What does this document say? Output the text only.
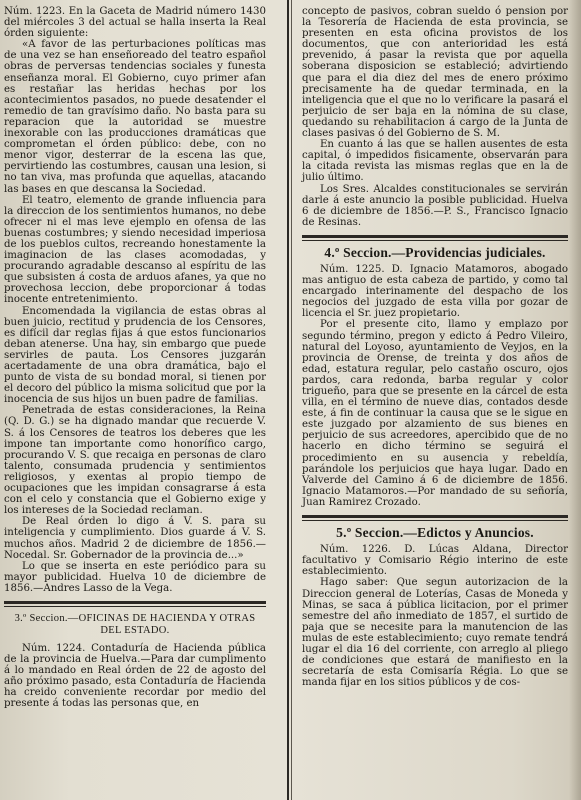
Núm. 1223. En la Gaceta de Madrid número 1430 del miércoles 3 del actual se halla inserta la Real órden siguiente:

«A favor de las perturbaciones políticas mas de una vez se han enseñoreado del teatro español obras de perversas tendencias sociales y funesta enseñanza moral. El Gobierno, cuyo primer afan es restañar las heridas hechas por los acontecimientos pasados, no puede desatender el remedio de tan gravísimo daño. No basta para su reparacion que la autoridad se muestre inexorable con las producciones dramáticas que comprometan el órden público: debe, con no menor vigor, desterrar de la escena las que, pervirtiendo las costumbres, causan una lesion, si no tan viva, mas profunda que aquellas, atacando las bases en que descansa la Sociedad.

El teatro, elemento de grande influencia para la direccion de los sentimientos humanos, no debe ofrecer ni el mas leve ejemplo en ofensa de las buenas costumbres; y siendo necesidad imperiosa de los pueblos cultos, recreando honestamente la imaginacion de las clases acomodadas, y procurando agradable descanso al espíritu de las que subsisten á costa de arduos afanes, ya que no provechosa leccion, debe proporcionar á todas inocente entretenimiento.

Encomendada la vigilancia de estas obras al buen juicio, rectitud y prudencia de los Censores, es difícil dar reglas fijas á que estos funcionarios deban atenerse. Una hay, sin embargo que puede servirles de pauta. Los Censores juzgarán acertadamente de una obra dramática, bajo el punto de vista de su bondad moral, si tienen por el decoro del público la misma solicitud que por la inocencia de sus hijos un buen padre de familias.

Penetrada de estas consideraciones, la Reina (Q. D. G.) se ha dignado mandar que recuerde V. S. á los Censores de teatros los deberes que les impone tan importante como honorífico cargo, procurando V. S. que recaiga en personas de claro talento, consumada prudencia y sentimientos religiosos, y exentas al propio tiempo de ocupaciones que les impidan consagrarse á esta con el celo y constancia que el Gobierno exige y los intereses de la Sociedad reclaman.

De Real órden lo digo á V. S. para su inteligencia y cumplimiento. Dios guarde á V. S. muchos años. Madrid 2 de diciembre de 1856.—Nocedal. Sr. Gobernador de la provincia de...»

Lo que se inserta en este periódico para su mayor publicidad. Huelva 10 de diciembre de 1856.—Andres Lasso de la Vega.

3.º Seccion.—OFICINAS DE HACIENDA Y OTRAS DEL ESTADO.

Núm. 1224. Contaduría de Hacienda pública de la provincia de Huelva.—Para dar cumplimento á lo mandado en Real órden de 22 de agosto del año próximo pasado, esta Contaduría de Hacienda ha creido conveniente recordar por medio del presente á todas las personas que, en

concepto de pasivos, cobran sueldo ó pension por la Tesorería de Hacienda de esta provincia, se presenten en esta oficina provistos de los documentos, que con anterioridad les está prevenido, á pasar la revista que por aquella soberana disposicion se estableció; advirtiendo que para el dia diez del mes de enero próximo precisamente ha de quedar terminada, en la inteligencia que el que no lo verificare la pasará el perjuicio de ser baja en la nómina de su clase, quedando su rehabilitacion á cargo de la Junta de clases pasivas ó del Gobierno de S. M.

En cuanto á las que se hallen ausentes de esta capital, ó impedidos fisicamente, observarán para la citada revista las mismas reglas que en la de julio último.

Los Sres. Alcaldes constitucionales se servirán darle á este anuncio la posible publicidad. Huelva 6 de diciembre de 1856.—P. S., Francisco Ignacio de Resinas.

4.º Seccion.—Providencias judiciales.

Núm. 1225. D. Ignacio Matamoros, abogado mas antiguo de esta cabeza de partido, y como tal encargado interinamente del despacho de los negocios del juzgado de esta villa por gozar de licencia el Sr. juez propietario.

Por el presente cito, llamo y emplazo por segundo término, pregon y edicto á Pedro Vileiro, natural del Loyoso, ayuntamiento de Veyjos, en la provincia de Orense, de treinta y dos años de edad, estatura regular, pelo castaño oscuro, ojos pardos, cara redonda, barba regular y color trigueño, para que se presente en la cárcel de esta villa, en el término de nueve dias, contados desde este, á fin de continuar la causa que se le sigue en este juzgado por alzamiento de sus bienes en perjuicio de sus acreedores, apercibido que de no hacerlo en dicho término se seguirá el procedimiento en su ausencia y rebeldía, parándole los perjuicios que haya lugar. Dado en Valverde del Camino á 6 de diciembre de 1856. Ignacio Matamoros.—Por mandado de su señoría, Juan Ramirez Crozado.

5.º Seccion.—Edictos y Anuncios.

Núm. 1226. D. Lúcas Aldana, Director facultativo y Comisario Régio interino de este establecimiento.

Hago saber: Que segun autorizacion de la Direccion general de Loterías, Casas de Moneda y Minas, se saca á pública licitacion, por el primer semestre del año inmediato de 1857, el surtido de paja que se necesite para la manutencion de las mulas de este establecimiento; cuyo remate tendrá lugar el dia 16 del corriente, con arreglo al pliego de condiciones que estará de manifiesto en la secretaría de esta Comisaría Régia. Lo que se manda fijar en los sitios públicos y de cos-
